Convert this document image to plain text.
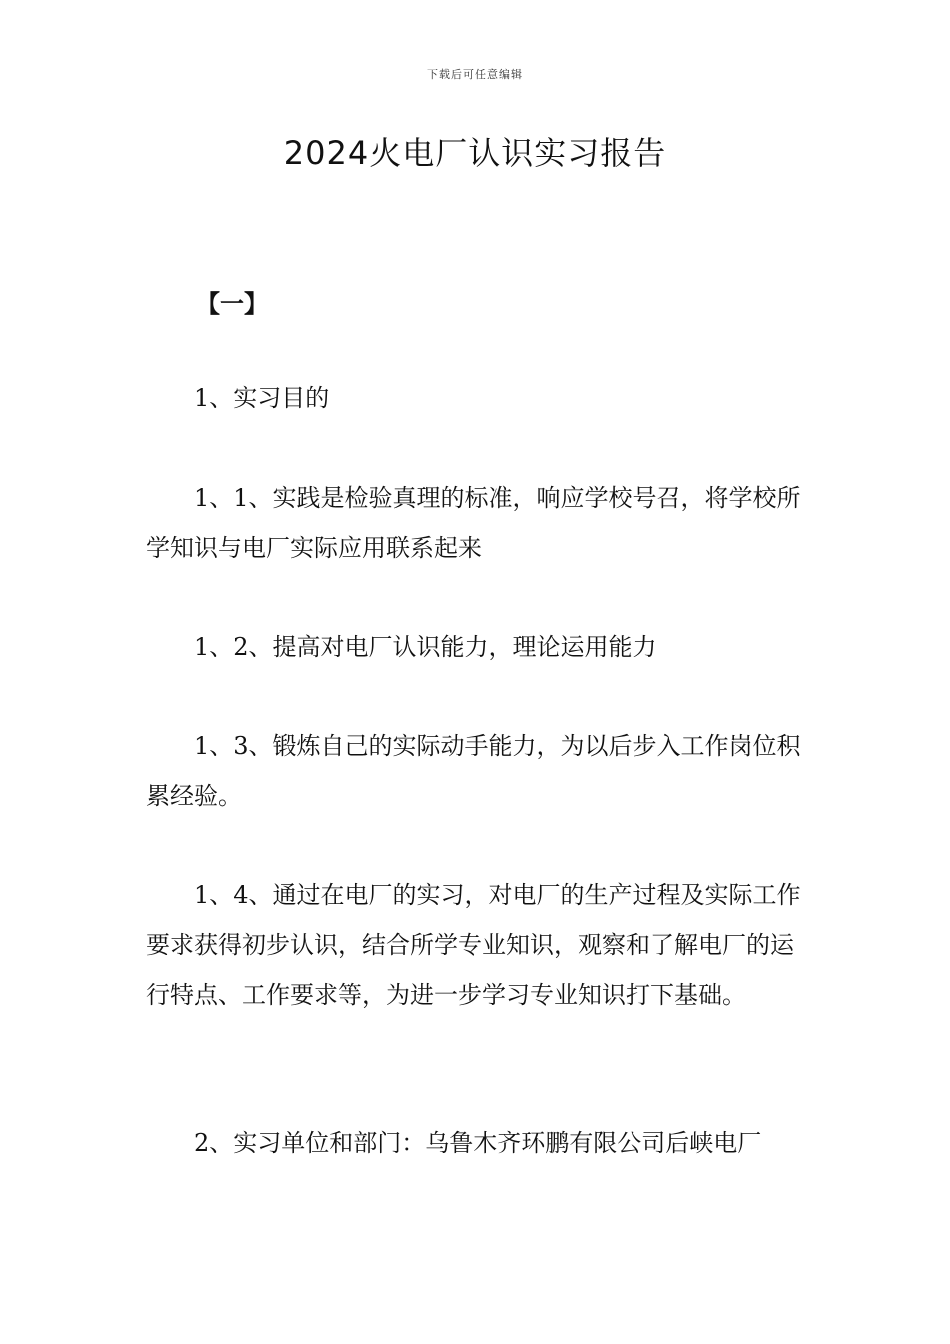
下载后可任意编辑
2024火电厂认识实习报告
【一】

1、实习目的

1、1、实践是检验真理的标准，响应学校号召，将学校所学知识与电厂实际应用联系起来

1、2、提高对电厂认识能力，理论运用能力

1、3、锻炼自己的实际动手能力，为以后步入工作岗位积累经验。

1、4、通过在电厂的实习，对电厂的生产过程及实际工作要求获得初步认识，结合所学专业知识，观察和了解电厂的运行特点、工作要求等，为进一步学习专业知识打下基础。

2、实习单位和部门：乌鲁木齐环鹏有限公司后峡电厂
